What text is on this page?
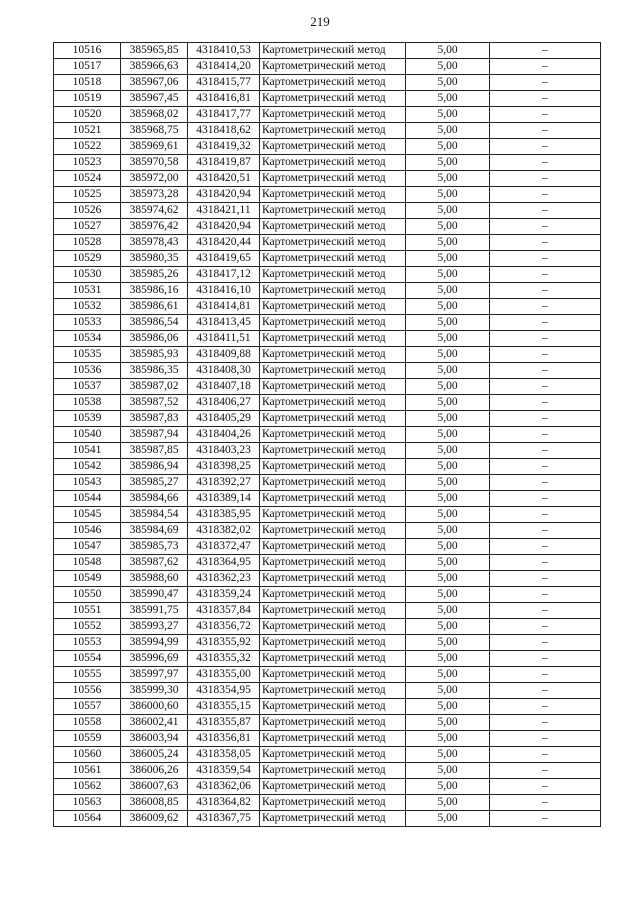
219
10516	385965,85	4318410,53	Картометрический метод	5,00	–
10517	385966,63	4318414,20	Картометрический метод	5,00	–
10518	385967,06	4318415,77	Картометрический метод	5,00	–
10519	385967,45	4318416,81	Картометрический метод	5,00	–
10520	385968,02	4318417,77	Картометрический метод	5,00	–
10521	385968,75	4318418,62	Картометрический метод	5,00	–
10522	385969,61	4318419,32	Картометрический метод	5,00	–
10523	385970,58	4318419,87	Картометрический метод	5,00	–
10524	385972,00	4318420,51	Картометрический метод	5,00	–
10525	385973,28	4318420,94	Картометрический метод	5,00	–
10526	385974,62	4318421,11	Картометрический метод	5,00	–
10527	385976,42	4318420,94	Картометрический метод	5,00	–
10528	385978,43	4318420,44	Картометрический метод	5,00	–
10529	385980,35	4318419,65	Картометрический метод	5,00	–
10530	385985,26	4318417,12	Картометрический метод	5,00	–
10531	385986,16	4318416,10	Картометрический метод	5,00	–
10532	385986,61	4318414,81	Картометрический метод	5,00	–
10533	385986,54	4318413,45	Картометрический метод	5,00	–
10534	385986,06	4318411,51	Картометрический метод	5,00	–
10535	385985,93	4318409,88	Картометрический метод	5,00	–
10536	385986,35	4318408,30	Картометрический метод	5,00	–
10537	385987,02	4318407,18	Картометрический метод	5,00	–
10538	385987,52	4318406,27	Картометрический метод	5,00	–
10539	385987,83	4318405,29	Картометрический метод	5,00	–
10540	385987,94	4318404,26	Картометрический метод	5,00	–
10541	385987,85	4318403,23	Картометрический метод	5,00	–
10542	385986,94	4318398,25	Картометрический метод	5,00	–
10543	385985,27	4318392,27	Картометрический метод	5,00	–
10544	385984,66	4318389,14	Картометрический метод	5,00	–
10545	385984,54	4318385,95	Картометрический метод	5,00	–
10546	385984,69	4318382,02	Картометрический метод	5,00	–
10547	385985,73	4318372,47	Картометрический метод	5,00	–
10548	385987,62	4318364,95	Картометрический метод	5,00	–
10549	385988,60	4318362,23	Картометрический метод	5,00	–
10550	385990,47	4318359,24	Картометрический метод	5,00	–
10551	385991,75	4318357,84	Картометрический метод	5,00	–
10552	385993,27	4318356,72	Картометрический метод	5,00	–
10553	385994,99	4318355,92	Картометрический метод	5,00	–
10554	385996,69	4318355,32	Картометрический метод	5,00	–
10555	385997,97	4318355,00	Картометрический метод	5,00	–
10556	385999,30	4318354,95	Картометрический метод	5,00	–
10557	386000,60	4318355,15	Картометрический метод	5,00	–
10558	386002,41	4318355,87	Картометрический метод	5,00	–
10559	386003,94	4318356,81	Картометрический метод	5,00	–
10560	386005,24	4318358,05	Картометрический метод	5,00	–
10561	386006,26	4318359,54	Картометрический метод	5,00	–
10562	386007,63	4318362,06	Картометрический метод	5,00	–
10563	386008,85	4318364,82	Картометрический метод	5,00	–
10564	386009,62	4318367,75	Картометрический метод	5,00	–
